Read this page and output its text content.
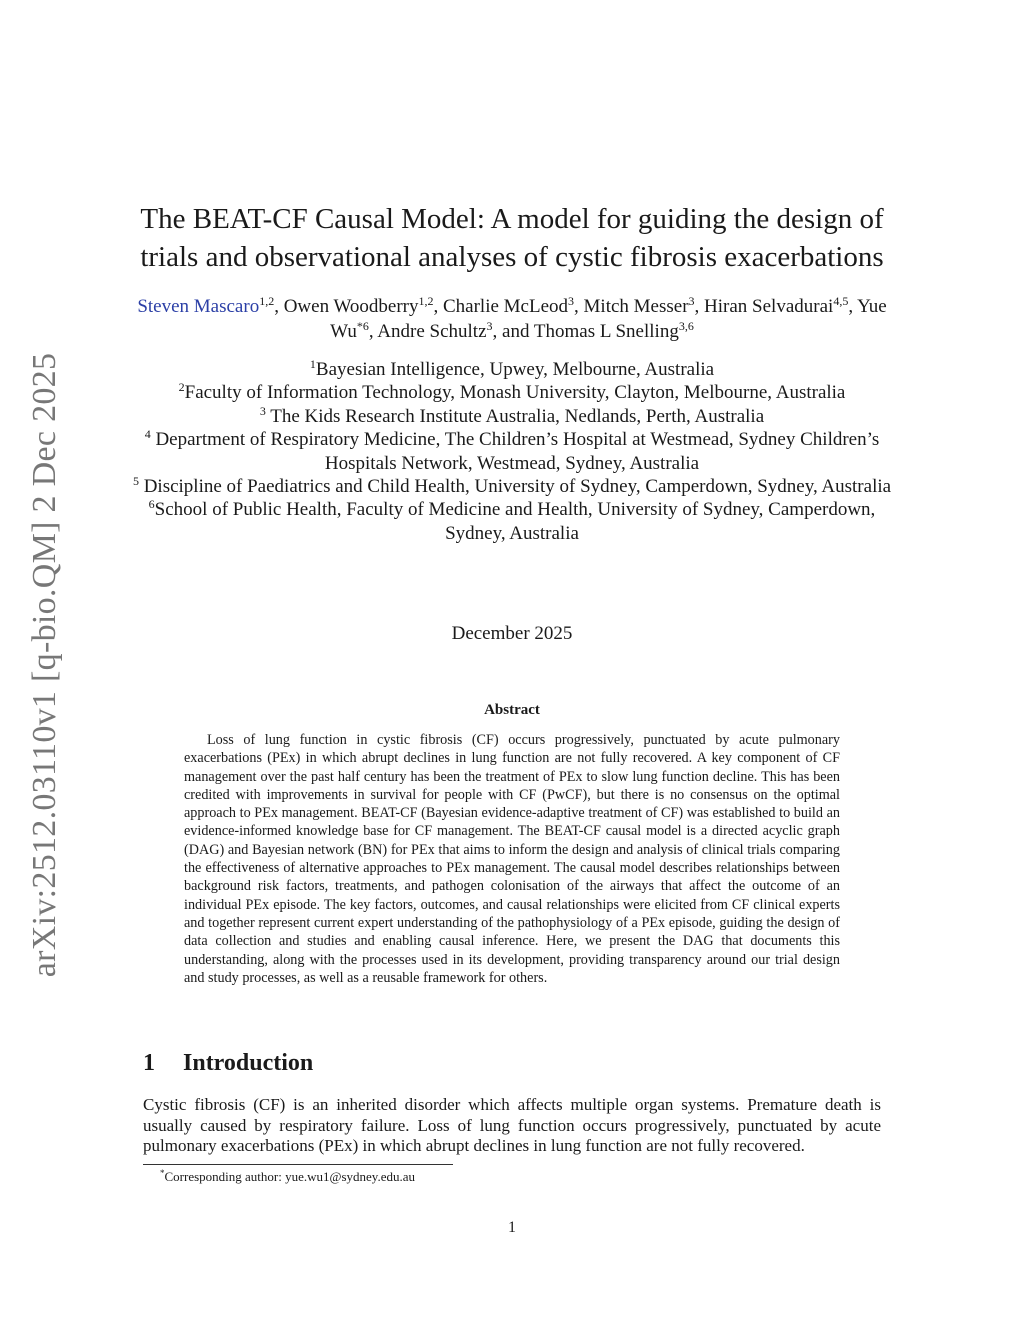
arXiv:2512.03110v1 [q-bio.QM] 2 Dec 2025
The BEAT-CF Causal Model: A model for guiding the design of trials and observational analyses of cystic fibrosis exacerbations
Steven Mascaro$^{1,2}$, Owen Woodberry$^{1,2}$, Charlie McLeod$^3$, Mitch Messer$^3$, Hiran Selvadurai$^{4,5}$, Yue Wu$^{*6}$, Andre Schultz$^3$, and Thomas L Snelling$^{3,6}$
$^1$Bayesian Intelligence, Upwey, Melbourne, Australia
$^2$Faculty of Information Technology, Monash University, Clayton, Melbourne, Australia
$^3$ The Kids Research Institute Australia, Nedlands, Perth, Australia
$^4$ Department of Respiratory Medicine, The Children’s Hospital at Westmead, Sydney Children’s Hospitals Network, Westmead, Sydney, Australia
$^5$ Discipline of Paediatrics and Child Health, University of Sydney, Camperdown, Sydney, Australia
$^6$School of Public Health, Faculty of Medicine and Health, University of Sydney, Camperdown, Sydney, Australia
December 2025
Abstract
Loss of lung function in cystic fibrosis (CF) occurs progressively, punctuated by acute pulmonary exacerbations (PEx) in which abrupt declines in lung function are not fully recovered. A key component of CF management over the past half century has been the treatment of PEx to slow lung function decline. This has been credited with improvements in survival for people with CF (PwCF), but there is no consensus on the optimal approach to PEx management. BEAT-CF (Bayesian evidence-adaptive treatment of CF) was established to build an evidence-informed knowledge base for CF management. The BEAT-CF causal model is a directed acyclic graph (DAG) and Bayesian network (BN) for PEx that aims to inform the design and analysis of clinical trials comparing the effectiveness of alternative approaches to PEx management. The causal model describes relationships between background risk factors, treatments, and pathogen colonisation of the airways that affect the outcome of an individual PEx episode. The key factors, outcomes, and causal relationships were elicited from CF clinical experts and together represent current expert understanding of the pathophysiology of a PEx episode, guiding the design of data collection and studies and enabling causal inference. Here, we present the DAG that documents this understanding, along with the processes used in its development, providing transparency around our trial design and study processes, as well as a reusable framework for others.
1 Introduction
Cystic fibrosis (CF) is an inherited disorder which affects multiple organ systems. Premature death is usually caused by respiratory failure. Loss of lung function occurs progressively, punctuated by acute pulmonary exacerbations (PEx) in which abrupt declines in lung function are not fully recovered.
*Corresponding author: yue.wu1@sydney.edu.au
1
